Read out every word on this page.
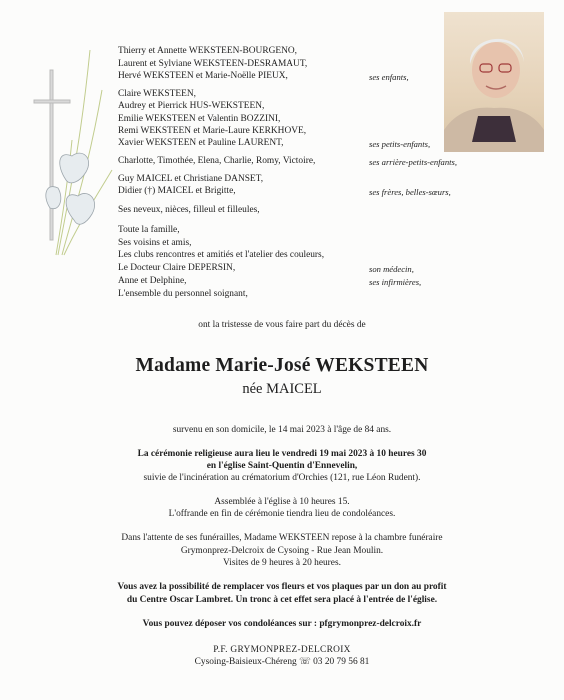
Thierry et Annette WEKSTEEN-BOURGENO,
Laurent et Sylviane WEKSTEEN-DESRAMAUT,
Hervé WEKSTEEN et Marie-Noëlle PIEUX,	ses enfants,
Claire WEKSTEEN,
Audrey et Pierrick HUS-WEKSTEEN,
Emilie WEKSTEEN et Valentin BOZZINI,
Remi WEKSTEEN et Marie-Laure KERKHOVE,
Xavier WEKSTEEN et Pauline LAURENT,	ses petits-enfants,
Charlotte, Timothée, Elena, Charlie, Romy, Victoire,	ses arrière-petits-enfants,
Guy MAICEL et Christiane DANSET,
Didier (†) MAICEL et Brigitte,	ses frères, belles-sœurs,
Ses neveux, nièces, filleul et filleules,
Toute la famille,
Ses voisins et amis,
Les clubs rencontres et amitiés et l'atelier des couleurs,
Le Docteur Claire DEPERSIN,	son médecin,
Anne et Delphine,	ses infirmières,
L'ensemble du personnel soignant,
ont la tristesse de vous faire part du décès de
Madame Marie-José WEKSTEEN
née MAICEL
survenu en son domicile, le 14 mai 2023 à l'âge de 84 ans.
La cérémonie religieuse aura lieu le vendredi 19 mai 2023 à 10 heures 30
en l'église Saint-Quentin d'Ennevelin,
suivie de l'incinération au crématorium d'Orchies (121, rue Léon Rudent).
Assemblée à l'église à 10 heures 15.
L'offrande en fin de cérémonie tiendra lieu de condoléances.
Dans l'attente de ses funérailles, Madame WEKSTEEN repose à la chambre funéraire
Grymonprez-Delcroix de Cysoing - Rue Jean Moulin.
Visites de 9 heures à 20 heures.
Vous avez la possibilité de remplacer vos fleurs et vos plaques par un don au profit
du Centre Oscar Lambret. Un tronc à cet effet sera placé à l'entrée de l'église.
Vous pouvez déposer vos condoléances sur : pfgrymonprez-delcroix.fr
P.F. GRYMONPREZ-DELCROIX
Cysoing-Baisieux-Chéreng ☏ 03 20 79 56 81
